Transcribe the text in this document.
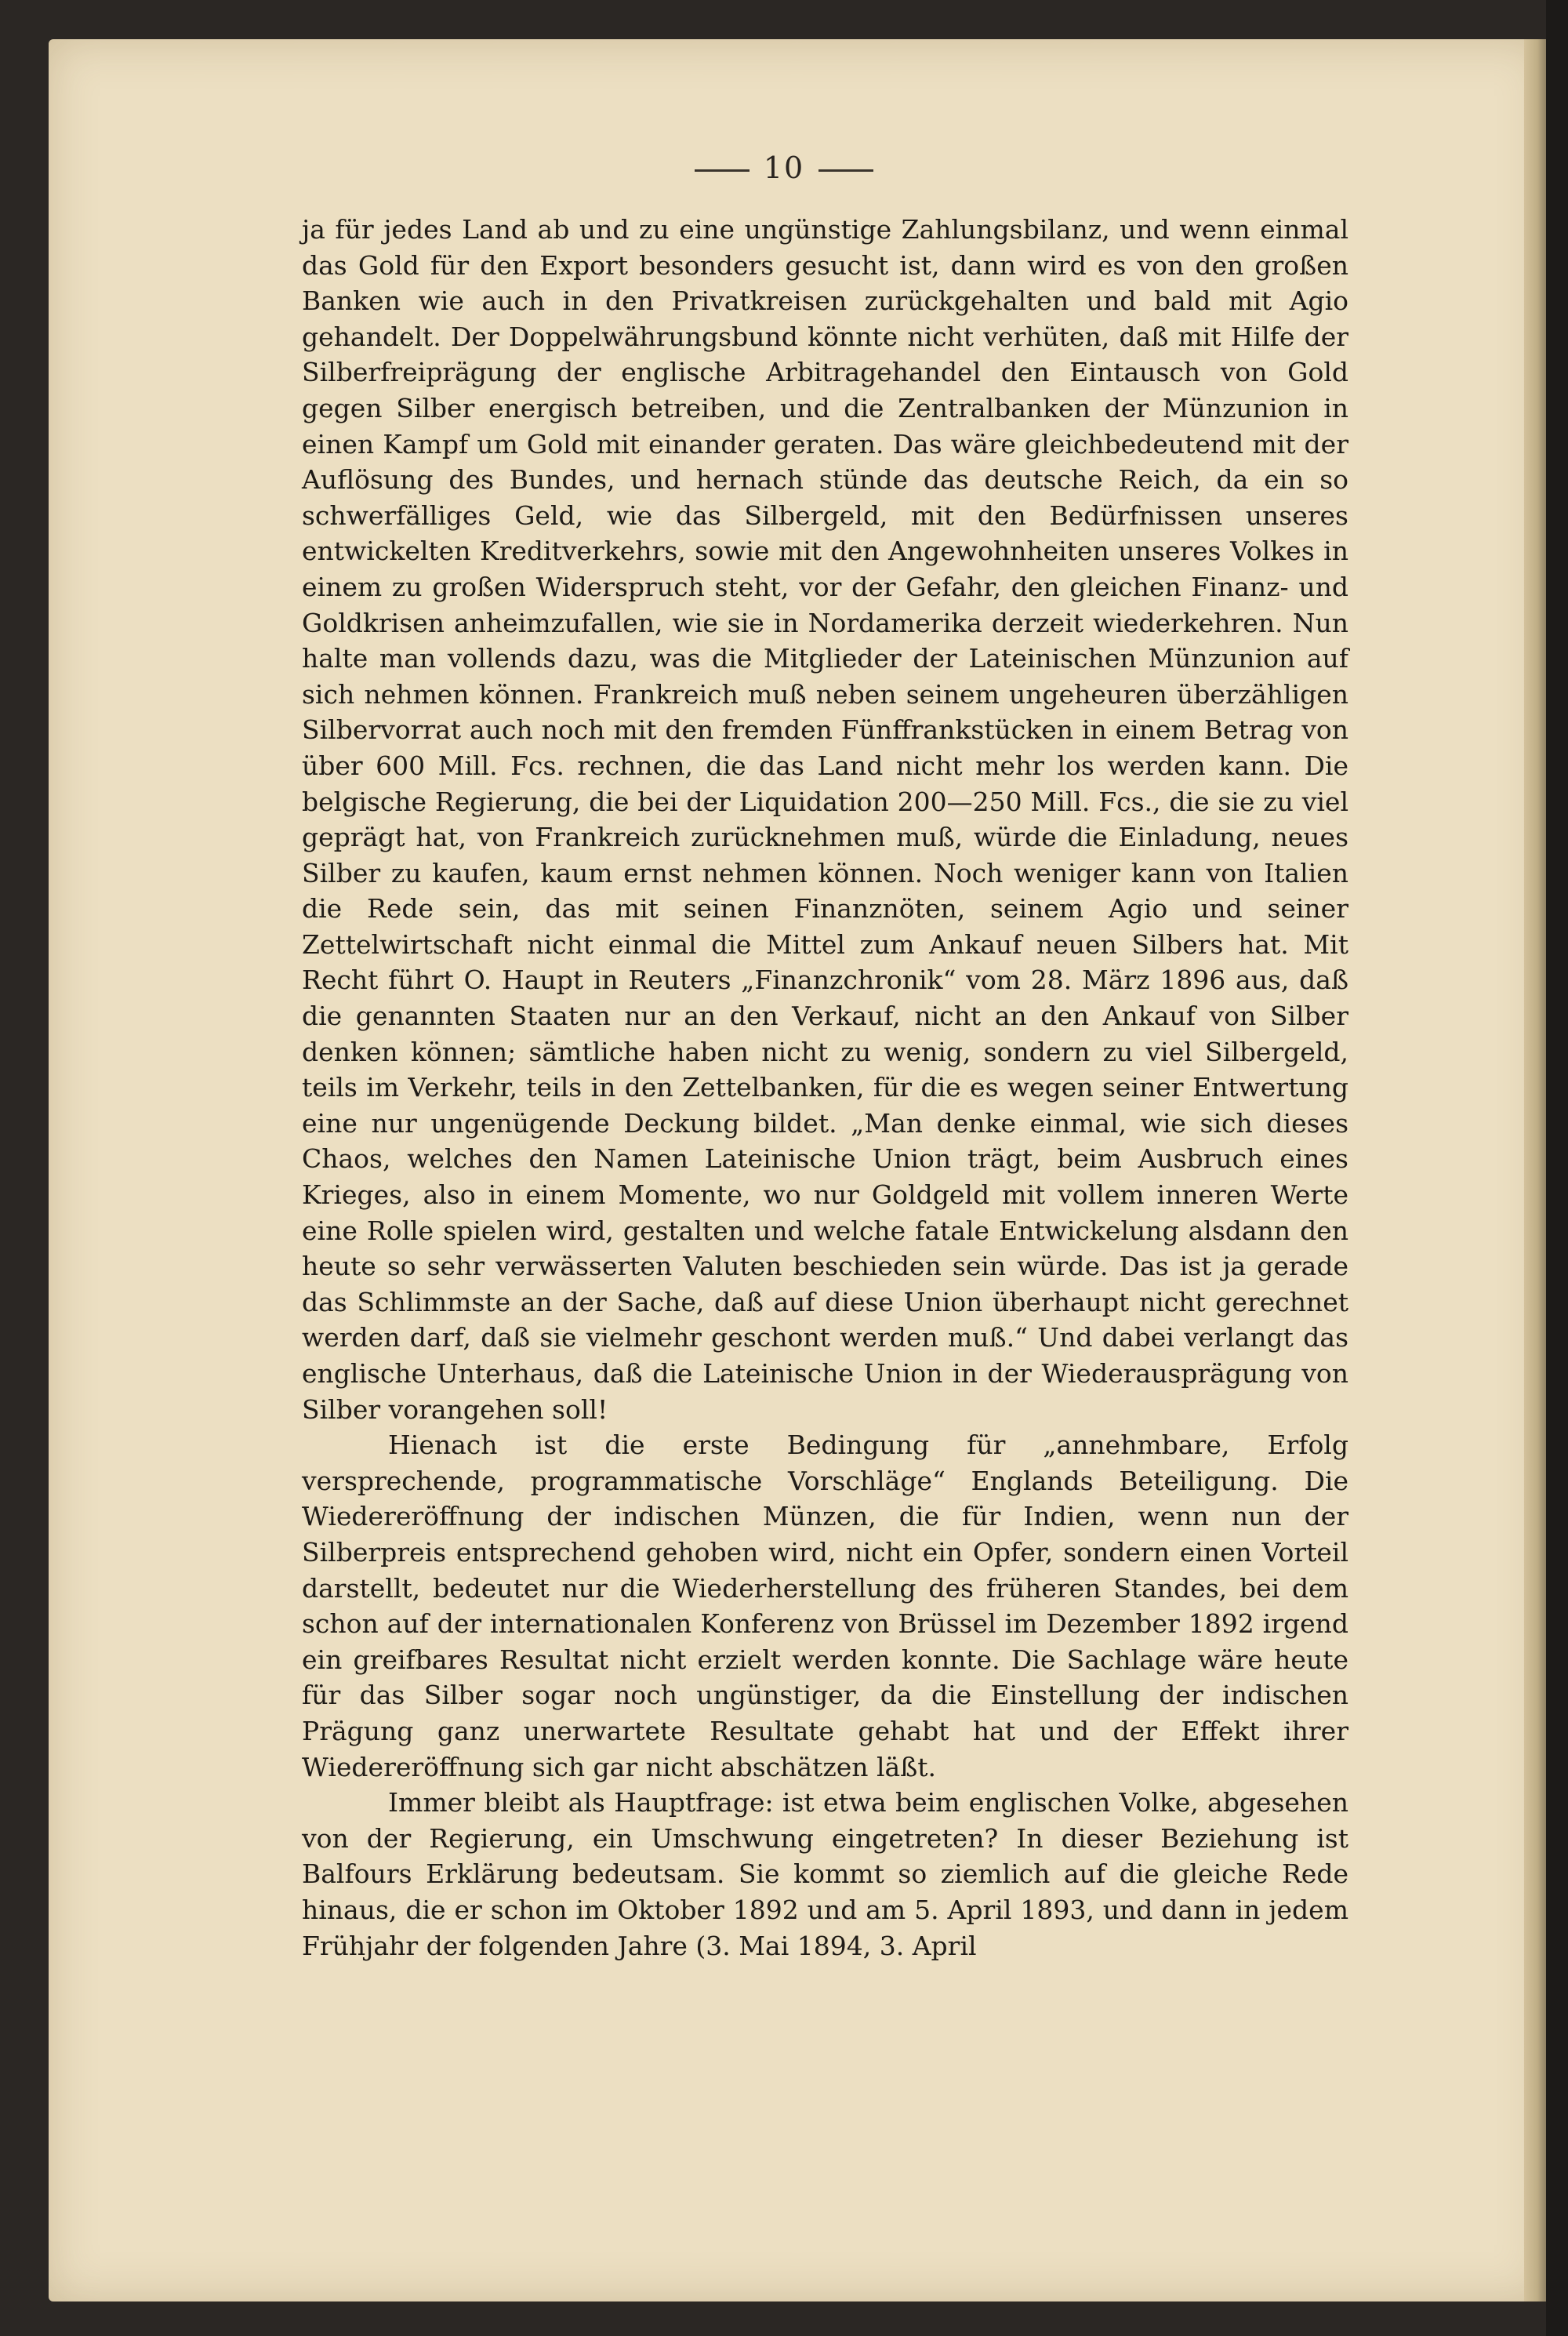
10

ja für jedes Land ab und zu eine ungünstige Zahlungsbilanz, und wenn einmal das Gold für den Export besonders gesucht ist, dann wird es von den großen Banken wie auch in den Privatkreisen zurückgehalten und bald mit Agio gehandelt. Der Doppelwährungsbund könnte nicht verhüten, daß mit Hilfe der Silberfreiprägung der englische Arbitragehandel den Eintausch von Gold gegen Silber energisch betreiben, und die Zentralbanken der Münzunion in einen Kampf um Gold mit einander geraten. Das wäre gleichbedeutend mit der Auflösung des Bundes, und hernach stünde das deutsche Reich, da ein so schwerfälliges Geld, wie das Silbergeld, mit den Bedürfnissen unseres entwickelten Kreditverkehrs, sowie mit den Angewohnheiten unseres Volkes in einem zu großen Widerspruch steht, vor der Gefahr, den gleichen Finanz- und Goldkrisen anheimzufallen, wie sie in Nordamerika derzeit wiederkehren. Nun halte man vollends dazu, was die Mitglieder der Lateinischen Münzunion auf sich nehmen können. Frankreich muß neben seinem ungeheuren überzähligen Silbervorrat auch noch mit den fremden Fünffrankstücken in einem Betrag von über 600 Mill. Fcs. rechnen, die das Land nicht mehr los werden kann. Die belgische Regierung, die bei der Liquidation 200—250 Mill. Fcs., die sie zu viel geprägt hat, von Frankreich zurücknehmen muß, würde die Einladung, neues Silber zu kaufen, kaum ernst nehmen können. Noch weniger kann von Italien die Rede sein, das mit seinen Finanznöten, seinem Agio und seiner Zettelwirtschaft nicht einmal die Mittel zum Ankauf neuen Silbers hat. Mit Recht führt O. Haupt in Reuters „Finanzchronik“ vom 28. März 1896 aus, daß die genannten Staaten nur an den Verkauf, nicht an den Ankauf von Silber denken können; sämtliche haben nicht zu wenig, sondern zu viel Silbergeld, teils im Verkehr, teils in den Zettelbanken, für die es wegen seiner Entwertung eine nur ungenügende Deckung bildet. „Man denke einmal, wie sich dieses Chaos, welches den Namen Lateinische Union trägt, beim Ausbruch eines Krieges, also in einem Momente, wo nur Goldgeld mit vollem inneren Werte eine Rolle spielen wird, gestalten und welche fatale Entwickelung alsdann den heute so sehr verwässerten Valuten beschieden sein würde. Das ist ja gerade das Schlimmste an der Sache, daß auf diese Union überhaupt nicht gerechnet werden darf, daß sie vielmehr geschont werden muß.“ Und dabei verlangt das englische Unterhaus, daß die Lateinische Union in der Wiederausprägung von Silber vorangehen soll!

Hienach ist die erste Bedingung für „annehmbare, Erfolg versprechende, programmatische Vorschläge“ Englands Beteiligung. Die Wiedereröffnung der indischen Münzen, die für Indien, wenn nun der Silberpreis entsprechend gehoben wird, nicht ein Opfer, sondern einen Vorteil darstellt, bedeutet nur die Wiederherstellung des früheren Standes, bei dem schon auf der internationalen Konferenz von Brüssel im Dezember 1892 irgend ein greifbares Resultat nicht erzielt werden konnte. Die Sachlage wäre heute für das Silber sogar noch ungünstiger, da die Einstellung der indischen Prägung ganz unerwartete Resultate gehabt hat und der Effekt ihrer Wiedereröffnung sich gar nicht abschätzen läßt.

Immer bleibt als Hauptfrage: ist etwa beim englischen Volke, abgesehen von der Regierung, ein Umschwung eingetreten? In dieser Beziehung ist Balfours Erklärung bedeutsam. Sie kommt so ziemlich auf die gleiche Rede hinaus, die er schon im Oktober 1892 und am 5. April 1893, und dann in jedem Frühjahr der folgenden Jahre (3. Mai 1894, 3. April
